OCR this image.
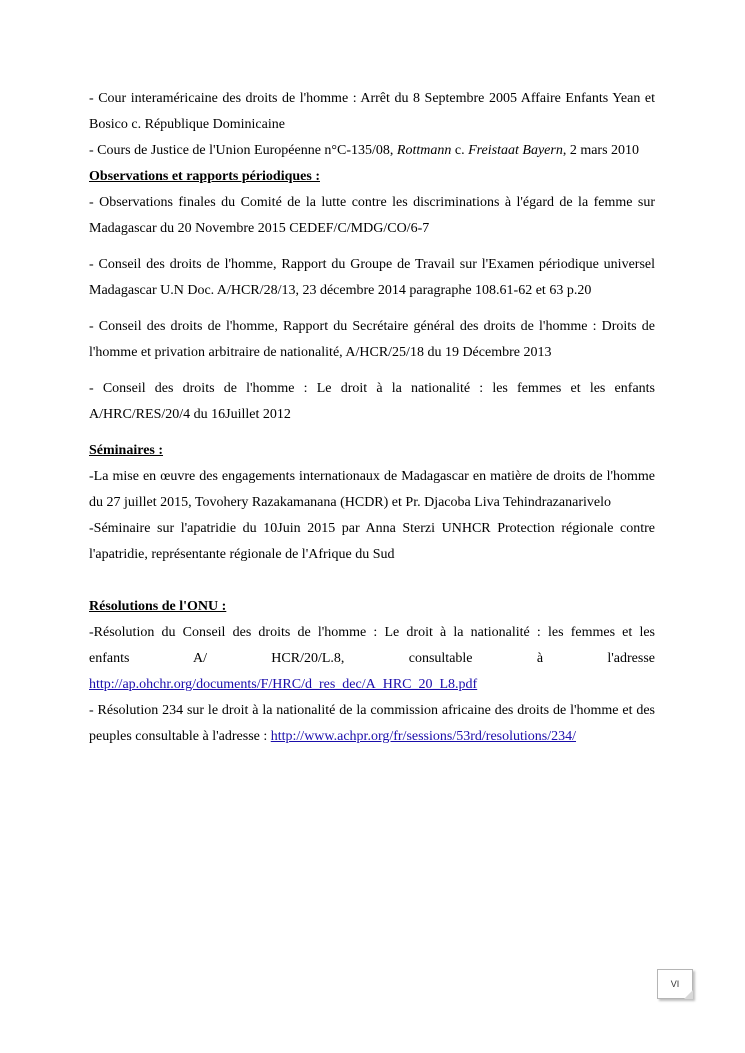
- Cour interaméricaine des droits de l'homme : Arrêt du 8 Septembre 2005 Affaire Enfants Yean et Bosico c. République Dominicaine

- Cours de Justice de l'Union Européenne n°C-135/08, Rottmann c. Freistaat Bayern, 2 mars 2010

Observations et rapports périodiques :

- Observations finales du Comité de la lutte contre les discriminations à l'égard de la femme sur Madagascar du 20 Novembre 2015 CEDEF/C/MDG/CO/6-7

- Conseil des droits de l'homme, Rapport du Groupe de Travail sur l'Examen périodique universel Madagascar U.N Doc. A/HCR/28/13, 23 décembre 2014 paragraphe 108.61-62 et 63 p.20

- Conseil des droits de l'homme, Rapport du Secrétaire général des droits de l'homme : Droits de l'homme et privation arbitraire de nationalité, A/HCR/25/18 du 19 Décembre 2013

- Conseil des droits de l'homme : Le droit à la nationalité : les femmes et les enfants A/HRC/RES/20/4 du 16Juillet 2012

Séminaires :

-La mise en œuvre des engagements internationaux de Madagascar en matière de droits de l'homme du 27 juillet 2015, Tovohery Razakamanana (HCDR) et Pr. Djacoba Liva Tehindrazanarivelo

-Séminaire sur l'apatridie du 10Juin 2015 par Anna Sterzi UNHCR Protection régionale contre l'apatridie, représentante régionale de l'Afrique du Sud

Résolutions de l'ONU :

-Résolution du Conseil des droits de l'homme : Le droit à la nationalité : les femmes et les

enfants A/ HCR/20/L.8, consultable à l'adresse

http://ap.ohchr.org/documents/F/HRC/d_res_dec/A_HRC_20_L8.pdf

- Résolution 234 sur le droit à la nationalité de la commission africaine des droits de l'homme et des peuples consultable à l'adresse : http://www.achpr.org/fr/sessions/53rd/resolutions/234/

VI
